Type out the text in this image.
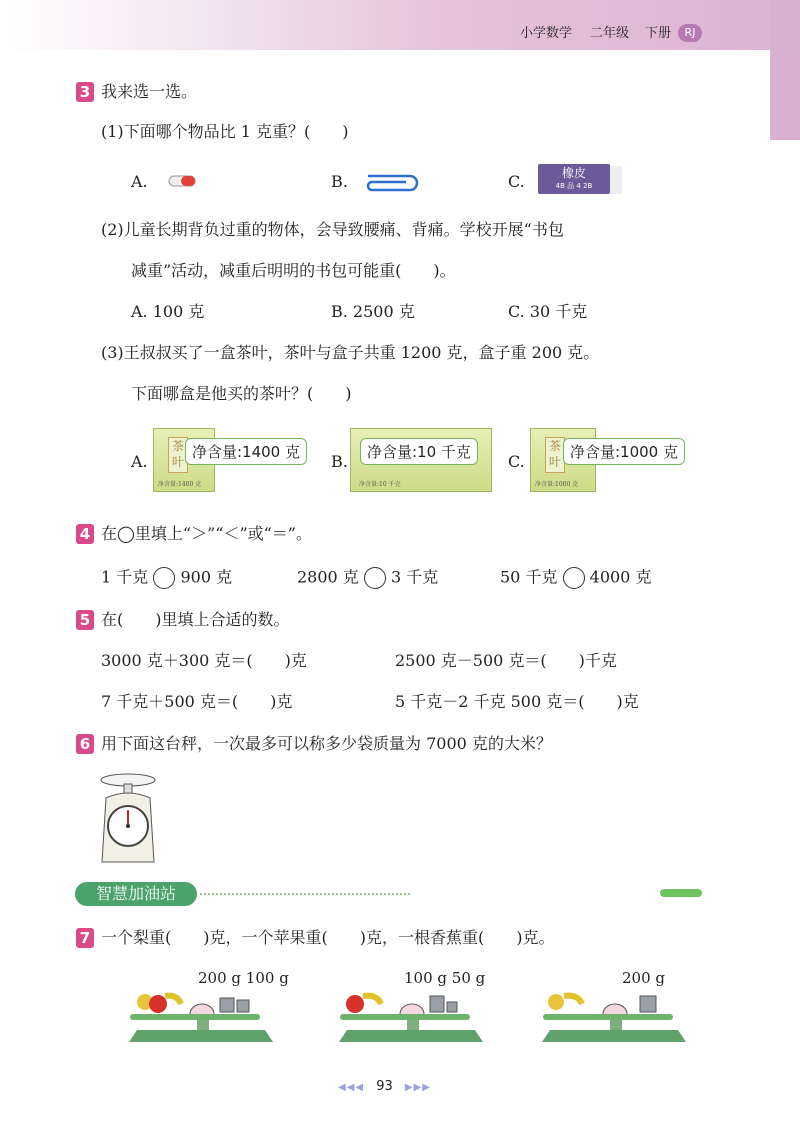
小学数学 二年级 下册	RJ
3 我来选一选。
(1)下面哪个物品比 1 克重？(　　)
A.	B.	C.	橡皮
4B 品 4 2B
(2)儿童长期背负过重的物体，会导致腰痛、背痛。学校开展“书包
减重”活动，减重后明明的书包可能重(　　)。
A. 100 克	B. 2500 克	C. 30 千克
(3)王叔叔买了一盒茶叶，茶叶与盒子共重 1200 克，盒子重 200 克。
下面哪盒是他买的茶叶？(　　)
A.
茶叶
净含量:1400 克
净含量:1400 克	B.
净含量:10 千克
净含量:10 千克	C.
茶叶
净含量:1000 克
净含量:1000 克
4 在◯里填上“＞”“＜”或“＝”。
1 千克 900 克	2800 克 3 千克	50 千克 4000 克
5 在(　　)里填上合适的数。
3000 克＋300 克＝(　　)克	2500 克－500 克＝(　　)千克
7 千克＋500 克＝(　　)克	5 千克－2 千克 500 克＝(　　)克
6 用下面这台秤，一次最多可以称多少袋质量为 7000 克的大米？
智慧加油站
7 一个梨重(　　)克，一个苹果重(　　)克，一根香蕉重(　　)克。
200 g 100 g	100 g 50 g	200 g
◀◀◀ 93 ▶▶▶
